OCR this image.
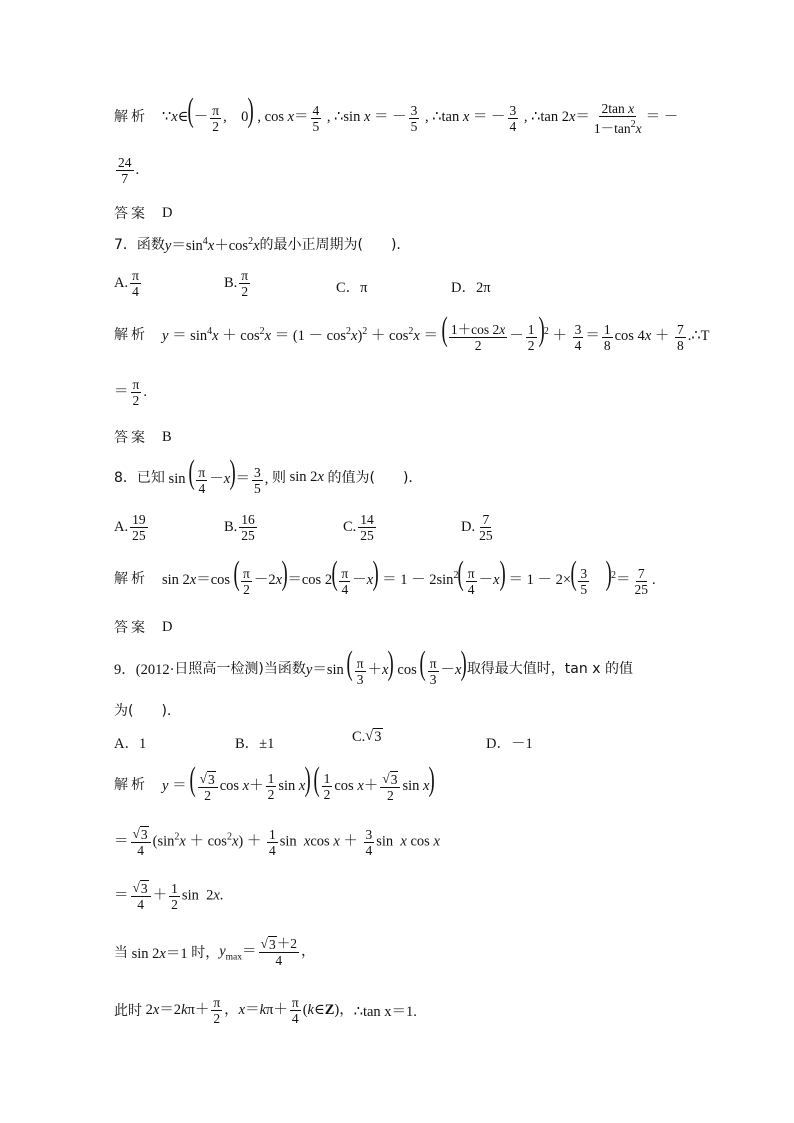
解析 ∵x∈(－ $\frac{\pi}{2}$ ,　0) , $\cos x= \frac{4}{5}$ , ∴sin x ＝ － $\frac{3}{5}$ , ∴tan x ＝ － $\frac{3}{4}$ , ∴tan $2x= \frac{\text{2tan x}}{1-\tan^2x}$ ＝ －
$\frac{24}{7}$ .
答案 D
7．函数 $y=\sin^4x+\cos^2x$ 的最小正周期为(　　).
A. $\frac{\pi}{4}$	B. $\frac{\pi}{2}$	C．π	D．2π
解析 $y = \sin^4x + \cos^2x = (1 - \cos^2x)^2 + \cos^2x$ ＝ ( $\frac{1+\cos 2x}{2} - \frac{1}{2} )^2 + \frac{3}{4} = \frac{1}{8}$ $\cos 4x + \frac{7}{8}$ .∴T
＝ $\frac{\pi}{2}$ .
答案 B
8．已知 sin ( $\frac{\pi}{4} -x)= \frac{3}{5}$ , 则 sin 2x 的值为(　　).
A. $\frac{19}{25}$	B. $\frac{16}{25}$	C. $\frac{14}{25}$	D. $\frac{7}{25}$
解析 sin 2x＝cos ( $\frac{\pi}{2} -2x)=\cos$ $2( \frac{\pi}{4} -x) = 1 - 2\sin^2( \frac{\pi}{4} -x) = 1 - 2\times( \frac{3}{5} )^2= \frac{7}{25}$ .
答案 D
9．(2012· 日照高一检测)当函数 y＝sin ( $\frac{\pi}{3} +x$) cos ( $\frac{\pi}{3} -x$) 取得最大值时，tan x 的值
为(　　).
A．1	B．±1	C. √ 3	D．－1
解析 y ＝ ( $\frac{√ 3}{2}$ $\cos x+ \frac{1}{2}$ sin x) ( $\frac{1}{2}$ $\cos x+ \frac{√ 3}{2}$ sin x)
＝ $\frac{√ 3}{4} (\sin^2x + \cos^2x) + \frac{1}{4}$ sin  xcos $x + \frac{3}{4}$ sin  x cos x
＝ $\frac{√ 3}{4} + \frac{1}{2}$ sin  2x.
当 sin 2x＝1 时， $y_{max}= \frac{√ 3 +2}{4}$ ，
此时 $2x=2k\pi+ \frac{\pi}{2}$ ，$x=k\pi+ \frac{\pi}{4}$ (k∈Z)， ∴tan x＝1.
